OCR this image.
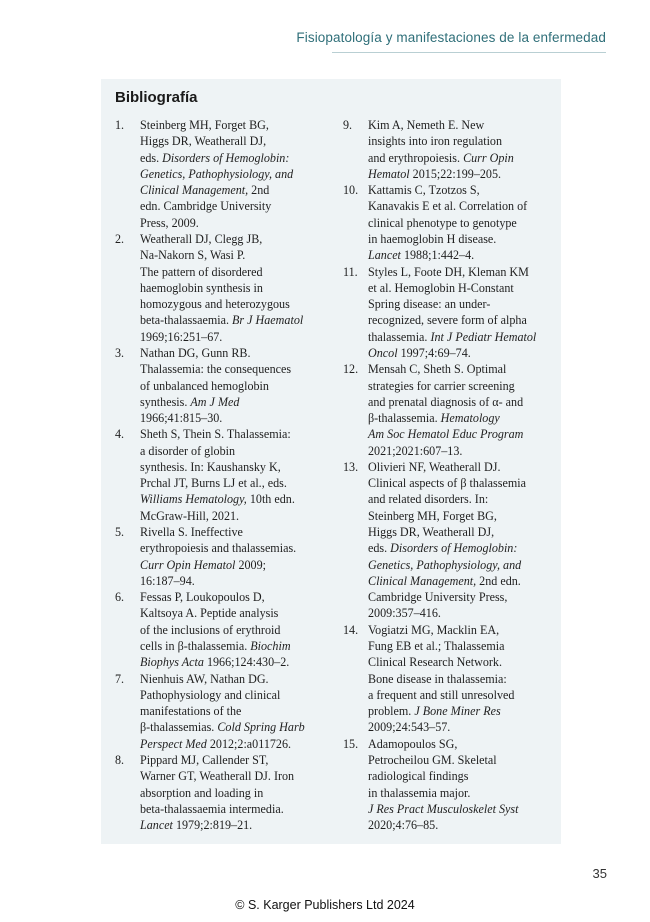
Fisiopatología y manifestaciones de la enfermedad
Bibliografía
1. Steinberg MH, Forget BG,
Higgs DR, Weatherall DJ,
eds. Disorders of Hemoglobin:
Genetics, Pathophysiology, and
Clinical Management, 2nd
edn. Cambridge University
Press, 2009.
2. Weatherall DJ, Clegg JB,
Na-Nakorn S, Wasi P.
The pattern of disordered
haemoglobin synthesis in
homozygous and heterozygous
beta-thalassaemia. Br J Haematol
1969;16:251–67.
3. Nathan DG, Gunn RB.
Thalassemia: the consequences
of unbalanced hemoglobin
synthesis. Am J Med
1966;41:815–30.
4. Sheth S, Thein S. Thalassemia:
a disorder of globin
synthesis. In: Kaushansky K,
Prchal JT, Burns LJ et al., eds.
Williams Hematology, 10th edn.
McGraw-Hill, 2021.
5. Rivella S. Ineffective
erythropoiesis and thalassemias.
Curr Opin Hematol 2009;
16:187–94.
6. Fessas P, Loukopoulos D,
Kaltsoya A. Peptide analysis
of the inclusions of erythroid
cells in β-thalassemia. Biochim
Biophys Acta 1966;124:430–2.
7. Nienhuis AW, Nathan DG.
Pathophysiology and clinical
manifestations of the
β-thalassemias. Cold Spring Harb
Perspect Med 2012;2:a011726.
8. Pippard MJ, Callender ST,
Warner GT, Weatherall DJ. Iron
absorption and loading in
beta-thalassaemia intermedia.
Lancet 1979;2:819–21.
9. Kim A, Nemeth E. New
insights into iron regulation
and erythropoiesis. Curr Opin
Hematol 2015;22:199–205.
10. Kattamis C, Tzotzos S,
Kanavakis E et al. Correlation of
clinical phenotype to genotype
in haemoglobin H disease.
Lancet 1988;1:442–4.
11. Styles L, Foote DH, Kleman KM
et al. Hemoglobin H-Constant
Spring disease: an under-
recognized, severe form of alpha
thalassemia. Int J Pediatr Hematol
Oncol 1997;4:69–74.
12. Mensah C, Sheth S. Optimal
strategies for carrier screening
and prenatal diagnosis of α- and
β-thalassemia. Hematology
Am Soc Hematol Educ Program
2021;2021:607–13.
13. Olivieri NF, Weatherall DJ.
Clinical aspects of β thalassemia
and related disorders. In:
Steinberg MH, Forget BG,
Higgs DR, Weatherall DJ,
eds. Disorders of Hemoglobin:
Genetics, Pathophysiology, and
Clinical Management, 2nd edn.
Cambridge University Press,
2009:357–416.
14. Vogiatzi MG, Macklin EA,
Fung EB et al.; Thalassemia
Clinical Research Network.
Bone disease in thalassemia:
a frequent and still unresolved
problem. J Bone Miner Res
2009;24:543–57.
15. Adamopoulos SG,
Petrocheilou GM. Skeletal
radiological findings
in thalassemia major.
J Res Pract Musculoskelet Syst
2020;4:76–85.
35
© S. Karger Publishers Ltd 2024
